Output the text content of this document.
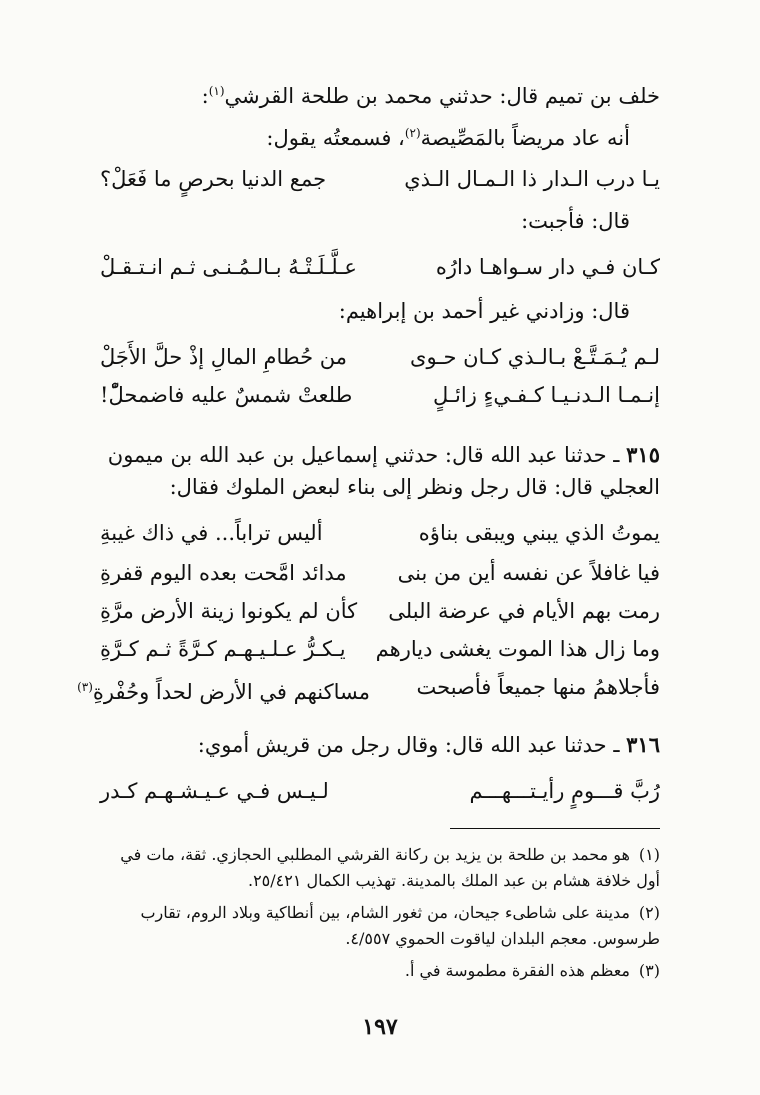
خلف بن تميم قال: حدثني محمد بن طلحة القرشي$^{(١)}$:
أنه عاد مريضاً بالمَصِّيصة$^{(٢)}$، فسمعتُه يقول:
يـا درب الـدار ذا الـمـال الـذي
جمع الدنيا بحرصٍ ما فَعَلْ؟
قال: فأجبت:
كـان فـي دار سـواهـا دارُه
عـلَّـلَـتْـهُ بـالـمُـنـى ثـم انـتـقـلْ
قال: وزادني غير أحمد بن إبراهيم:
لـم يُـمَـتَّـعْ بـالـذي كـان حـوى
من حُطامِ المالِ إذْ حلَّ الأَجَلْ
إنـمـا الـدنـيـا كـفـيءٍ زائـلٍ
طلعتْ شمسٌ عليه فاضمحلّْ!
٣١٥ ـ حدثنا عبد الله قال: حدثني إسماعيل بن عبد الله بن ميمون
العجلي قال: قال رجل ونظر إلى بناء لبعض الملوك فقال:
يموتُ الذي يبني ويبقى بناؤه
أليس تراباً... في ذاك غيبةِ
فيا غافلاً عن نفسه أين من بنى
مدائد امَّحت بعده اليوم قفرةِ
رمت بهم الأيام في عرضة البلى
كأن لم يكونوا زينة الأرض مرَّةِ
وما زال هذا الموت يغشى ديارهم
يـكـرُّ عـلـيـهـم كـرَّةً ثـم كـرَّةِ
فأجلاهمُ منها جميعاً فأصبحت
مساكنهم في الأرض لحداً وحُفْرةِ$^{(٣)}$
٣١٦ ـ حدثنا عبد الله قال: وقال رجل من قريش أموي:
رُبَّ قـــومٍ رأيـتـــهـــم
لـيـس فـي عـيـشـهـم كـدر
(١)هو محمد بن طلحة بن يزيد بن ركانة القرشي المطلبي الحجازي. ثقة، مات في أول خلافة هشام بن عبد الملك بالمدينة. تهذيب الكمال ٢٥/٤٢١.
(٢)مدينة على شاطىء جيحان، من ثغور الشام، بين أنطاكية وبلاد الروم، تقارب طرسوس. معجم البلدان لياقوت الحموي ٤/٥٥٧.
(٣)معظم هذه الفقرة مطموسة في أ.
١٩٧
